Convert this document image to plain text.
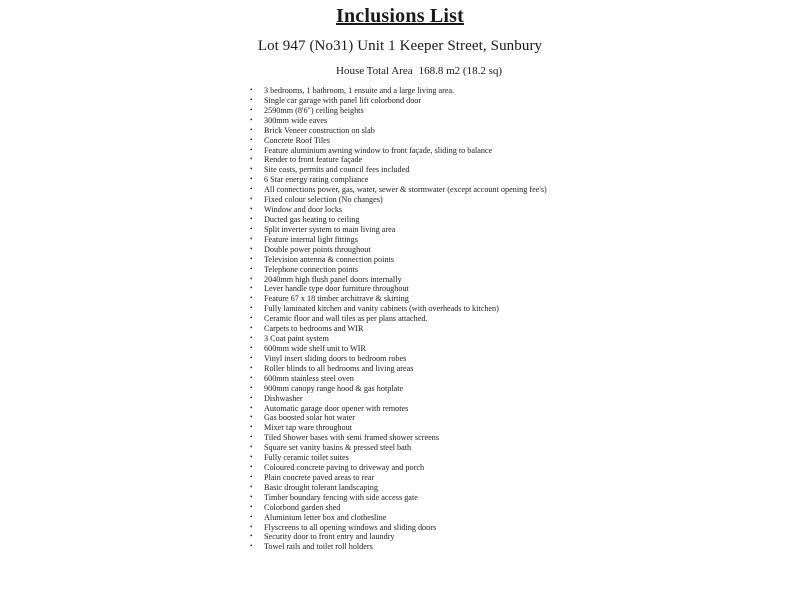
Inclusions List
Lot 947 (No31) Unit 1 Keeper Street, Sunbury
House Total Area 168.8 m2 (18.2 sq)
• 3 bedrooms, 1 bathroom, 1 ensuite and a large living area.
• Single car garage with panel lift colorbond door
• 2590mm (8'6") ceiling heights
• 300mm wide eaves
• Brick Veneer construction on slab
• Concrete Roof Tiles
• Feature aluminium awning window to front façade, sliding to balance
• Render to front feature façade
• Site costs, permits and council fees included
• 6 Star energy rating compliance
• All connections power, gas, water, sewer & stormwater (except account opening fee's)
• Fixed colour selection (No changes)
• Window and door locks
• Ducted gas heating to ceiling
• Split inverter system to main living area
• Feature internal light fittings
• Double power points throughout
• Television antenna & connection points
• Telephone connection points
• 2040mm high flush panel doors internally
• Lever handle type door furniture throughout
• Feature 67 x 18 timber architrave & skirting
• Fully laminated kitchen and vanity cabinets (with overheads to kitchen)
• Ceramic floor and wall tiles as per plans attached.
• Carpets to bedrooms and WIR
• 3 Coat paint system
• 600mm wide shelf unit to WIR
• Vinyl insert sliding doors to bedroom robes
• Roller blinds to all bedrooms and living areas
• 600mm stainless steel oven
• 900mm canopy range hood & gas hotplate
• Dishwasher
• Automatic garage door opener with remotes
• Gas boosted solar hot water
• Mixer tap ware throughout
• Tiled Shower bases with semi framed shower screens
• Square set vanity basins & pressed steel bath
• Fully ceramic toilet suites
• Coloured concrete paving to driveway and porch
• Plain concrete paved areas to rear
• Basic drought tolerant landscaping
• Timber boundary fencing with side access gate
• Colorbond garden shed
• Aluminium letter box and clothesline
• Flyscreens to all opening windows and sliding doors
• Security door to front entry and laundry
• Towel rails and toilet roll holders
